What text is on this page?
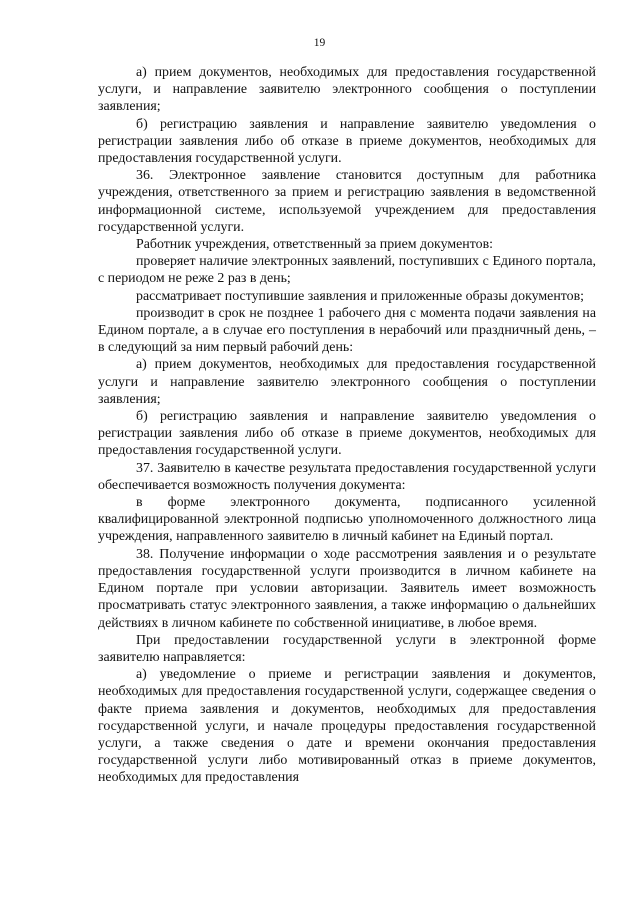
19

а) прием документов, необходимых для предоставления государственной услуги, и направление заявителю электронного сообщения о поступлении заявления;

б) регистрацию заявления и направление заявителю уведомления о регистрации заявления либо об отказе в приеме документов, необходимых для предоставления государственной услуги.

36. Электронное заявление становится доступным для работника учреждения, ответственного за прием и регистрацию заявления в ведомственной информационной системе, используемой учреждением для предоставления государственной услуги.

Работник учреждения, ответственный за прием документов:

проверяет наличие электронных заявлений, поступивших с Единого портала, с периодом не реже 2 раз в день;

рассматривает поступившие заявления и приложенные образы документов;

производит в срок не позднее 1 рабочего дня с момента подачи заявления на Едином портале, а в случае его поступления в нерабочий или праздничный день, – в следующий за ним первый рабочий день:

а) прием документов, необходимых для предоставления государственной услуги и направление заявителю электронного сообщения о поступлении заявления;

б) регистрацию заявления и направление заявителю уведомления о регистрации заявления либо об отказе в приеме документов, необходимых для предоставления государственной услуги.

37. Заявителю в качестве результата предоставления государственной услуги обеспечивается возможность получения документа:

в форме электронного документа, подписанного усиленной квалифицированной электронной подписью уполномоченного должностного лица учреждения, направленного заявителю в личный кабинет на Единый портал.

38. Получение информации о ходе рассмотрения заявления и о результате предоставления государственной услуги производится в личном кабинете на Едином портале при условии авторизации. Заявитель имеет возможность просматривать статус электронного заявления, а также информацию о дальнейших действиях в личном кабинете по собственной инициативе, в любое время.

При предоставлении государственной услуги в электронной форме заявителю направляется:

а) уведомление о приеме и регистрации заявления и документов, необходимых для предоставления государственной услуги, содержащее сведения о факте приема заявления и документов, необходимых для предоставления государственной услуги, и начале процедуры предоставления государственной услуги, а также сведения о дате и времени окончания предоставления государственной услуги либо мотивированный отказ в приеме документов, необходимых для предоставления
